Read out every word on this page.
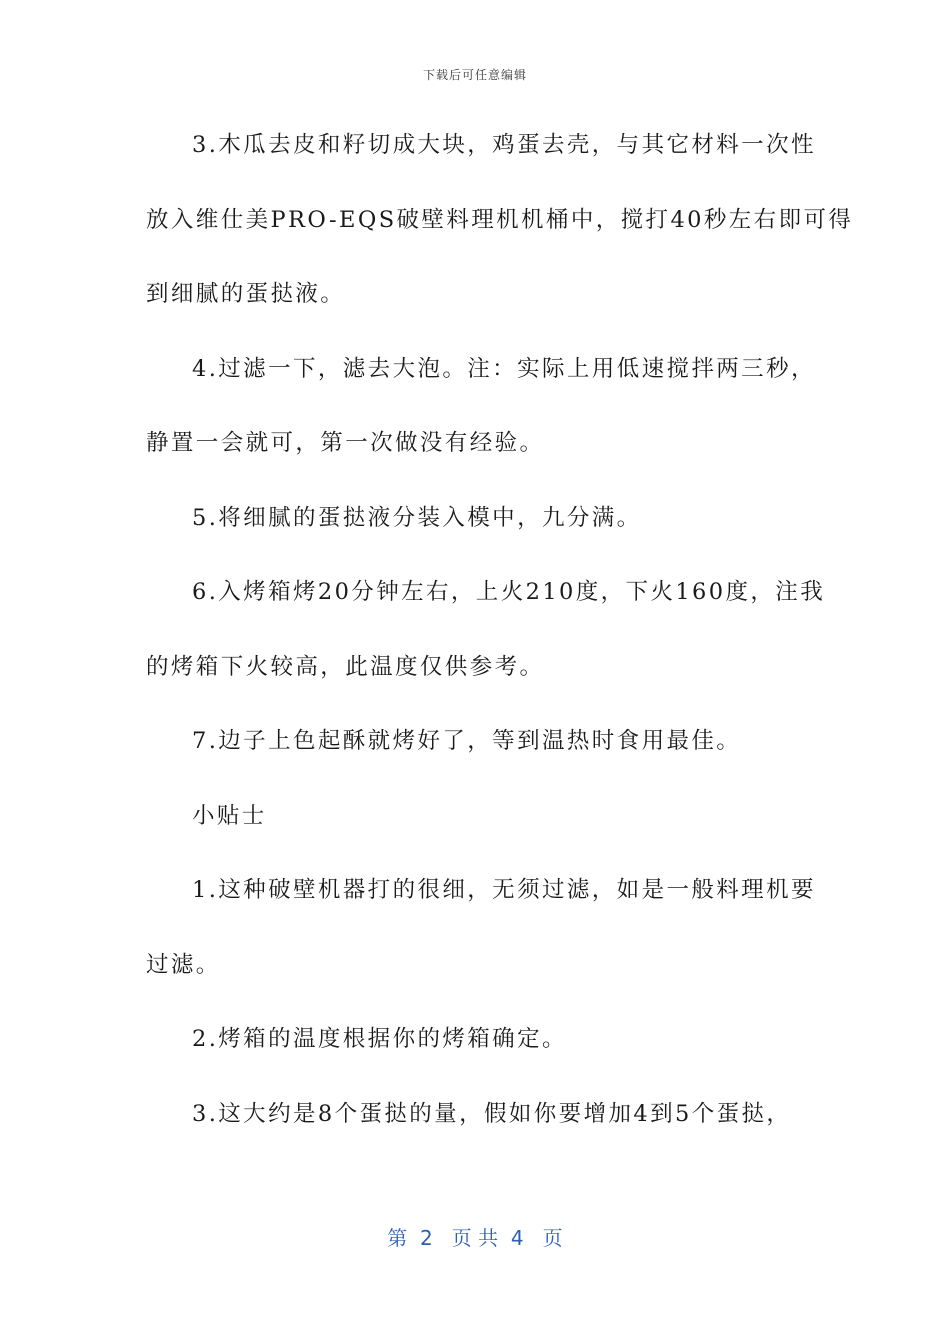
下载后可任意编辑
3.木瓜去皮和籽切成大块，鸡蛋去壳，与其它材料一次性
放入维仕美PRO-EQS破壁料理机机桶中，搅打40秒左右即可得
到细腻的蛋挞液。
4.过滤一下，滤去大泡。注：实际上用低速搅拌两三秒，
静置一会就可，第一次做没有经验。
5.将细腻的蛋挞液分装入模中，九分满。
6.入烤箱烤20分钟左右，上火210度，下火160度，注我
的烤箱下火较高，此温度仅供参考。
7.边子上色起酥就烤好了，等到温热时食用最佳。
小贴士
1.这种破壁机器打的很细，无须过滤，如是一般料理机要
过滤。
2.烤箱的温度根据你的烤箱确定。
3.这大约是8个蛋挞的量，假如你要增加4到5个蛋挞，
第  2   页 共  4   页
